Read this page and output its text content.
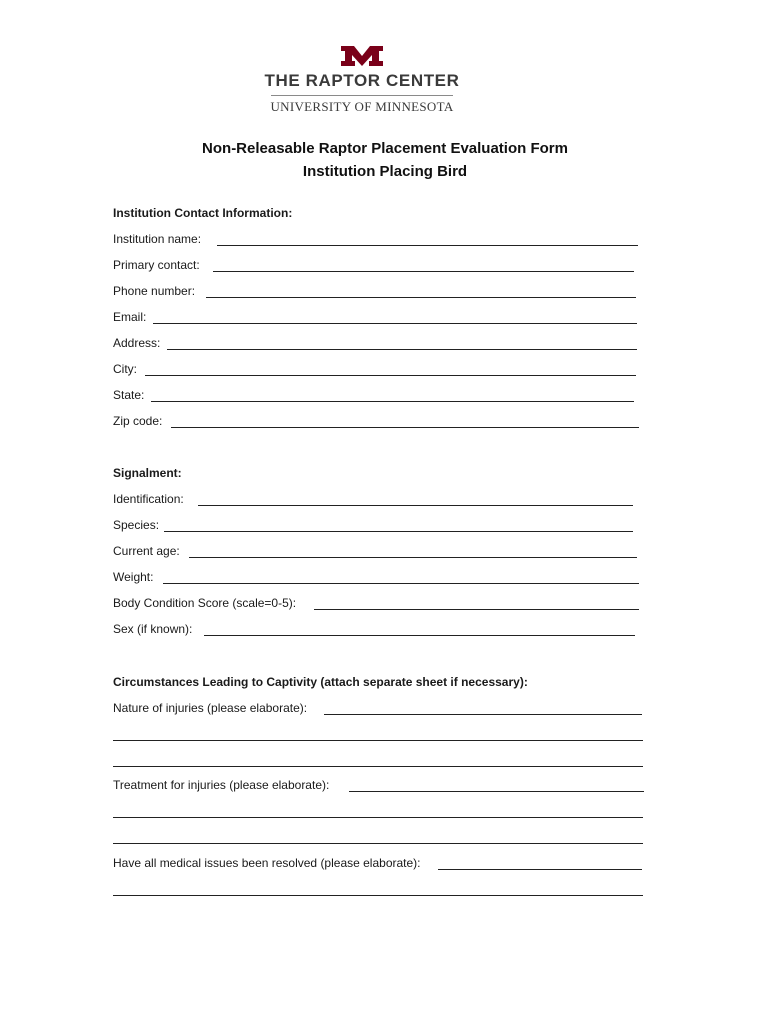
THE RAPTOR CENTER
UNIVERSITY OF MINNESOTA
Non-Releasable Raptor Placement Evaluation Form
Institution Placing Bird
Institution Contact Information:
Institution name:
Primary contact:
Phone number:
Email:
Address:
City:
State:
Zip code:
Signalment:
Identification:
Species:
Current age:
Weight:
Body Condition Score (scale=0-5):
Sex (if known):
Circumstances Leading to Captivity (attach separate sheet if necessary):
Nature of injuries (please elaborate):
Treatment for injuries (please elaborate):
Have all medical issues been resolved (please elaborate):
